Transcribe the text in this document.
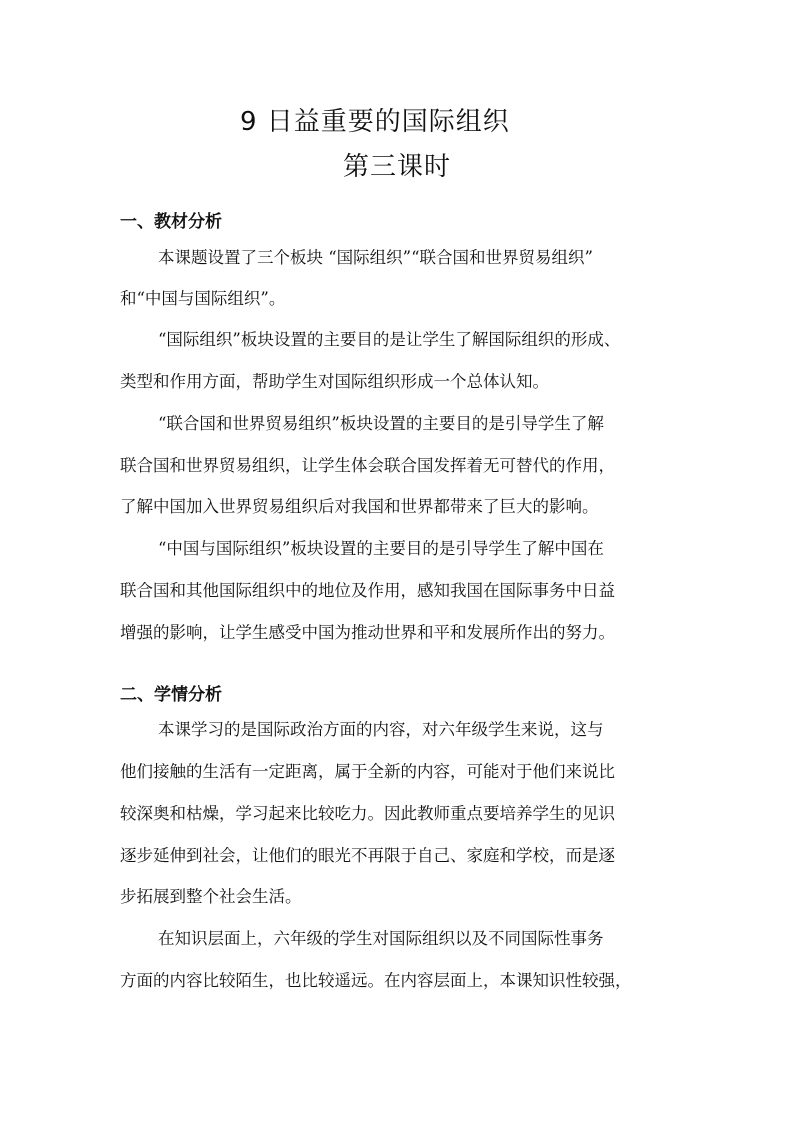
9 日益重要的国际组织
第三课时
一、教材分析
本课题设置了三个板块 “国际组织”“联合国和世界贸易组织”
和“中国与国际组织”。
“国际组织”板块设置的主要目的是让学生了解国际组织的形成、
类型和作用方面，帮助学生对国际组织形成一个总体认知。
“联合国和世界贸易组织”板块设置的主要目的是引导学生了解
联合国和世界贸易组织，让学生体会联合国发挥着无可替代的作用，
了解中国加入世界贸易组织后对我国和世界都带来了巨大的影响。
“中国与国际组织”板块设置的主要目的是引导学生了解中国在
联合国和其他国际组织中的地位及作用，感知我国在国际事务中日益
增强的影响，让学生感受中国为推动世界和平和发展所作出的努力。
二、学情分析
本课学习的是国际政治方面的内容，对六年级学生来说，这与
他们接触的生活有一定距离，属于全新的内容，可能对于他们来说比
较深奥和枯燥，学习起来比较吃力。因此教师重点要培养学生的见识
逐步延伸到社会，让他们的眼光不再限于自己、家庭和学校，而是逐
步拓展到整个社会生活。
在知识层面上，六年级的学生对国际组织以及不同国际性事务
方面的内容比较陌生，也比较遥远。在内容层面上，本课知识性较强，
